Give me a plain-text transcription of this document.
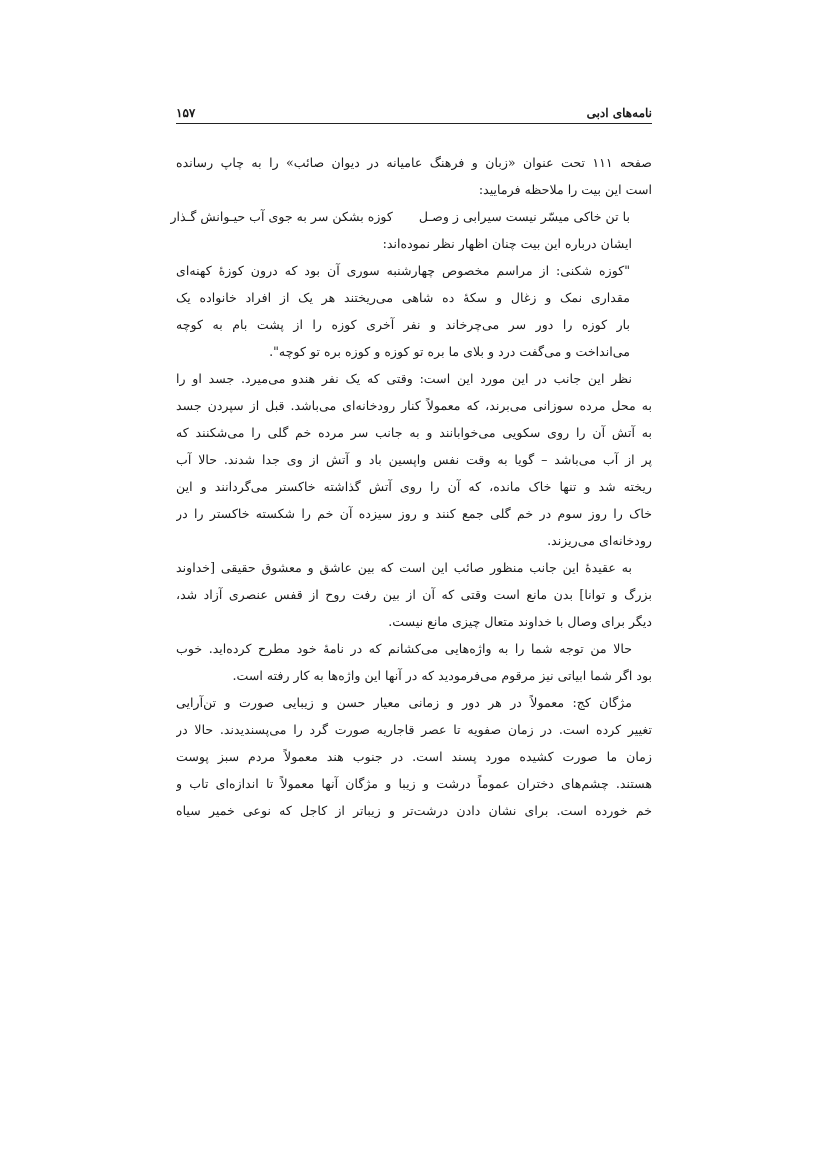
نامه‌های ادبی
۱۵۷
صفحه ۱۱۱ تحت عنوان «زبان و فرهنگ عامیانه در دیوان صائب» را به چاپ رسانده
است این بیت را ملاحظه فرمایید:
با تن خاکی میسّر نیست سیرابی ز وصـل
کوزه بشکن سر به جوی آب حیـوانش گـذار
ایشان درباره این بیت چنان اظهار نظر نموده‌اند:
"کوزه شکنی: از مراسم مخصوص چهارشنبه سوری آن بود که درون کوزهٔ کهنه‌ای
مقداری نمک و زغال و سکهٔ ده شاهی می‌ریختند هر یک از افراد خانواده یک
بار کوزه را دور سر می‌چرخاند و نفر آخری کوزه را از پشت بام به کوچه
می‌انداخت و می‌گفت درد و بلای ما بره تو کوزه و کوزه بره تو کوچه".
نظر این جانب در این مورد این است: وقتی که یک نفر هندو می‌میرد. جسد او را
به محل مرده سوزانی می‌برند، که معمولاً کنار رودخانه‌ای می‌باشد. قبل از سپردن جسد
به آتش آن را روی سکویی می‌خوابانند و به جانب سر مرده خم گلی را می‌شکنند که
پر از آب می‌باشد – گویا به وقت نفس واپسین باد و آتش از وی جدا شدند. حالا آب
ریخته شد و تنها خاک مانده، که آن را روی آتش گذاشته خاکستر می‌گردانند و این
خاک را روز سوم در خم گلی جمع کنند و روز سیزده آن خم را شکسته خاکستر را در
رودخانه‌ای می‌ریزند.
به عقیدهٔ این جانب منظور صائب این است که بین عاشق و معشوق حقیقی [خداوند
بزرگ و توانا] بدن مانع است وقتی که آن از بین رفت روح از قفس عنصری آزاد شد،
دیگر برای وصال با خداوند متعال چیزی مانع نیست.
حالا من توجه شما را به واژه‌هایی می‌کشانم که در نامهٔ خود مطرح کرده‌اید. خوب
بود اگر شما ابیاتی نیز مرقوم می‌فرمودید که در آنها این واژه‌ها به کار رفته است.
مژگان کج: معمولاً در هر دور و زمانی معیار حسن و زیبایی صورت و تن‌آرایی
تغییر کرده است. در زمان صفویه تا عصر قاجاریه صورت گرد را می‌پسندیدند. حالا در
زمان ما صورت کشیده مورد پسند است. در جنوب هند معمولاً مردم سبز پوست
هستند. چشم‌های دختران عموماً درشت و زیبا و مژگان آنها معمولاً تا اندازه‌ای تاب و
خم خورده است. برای نشان دادن درشت‌تر و زیباتر از کاجل که نوعی خمیر سیاه
